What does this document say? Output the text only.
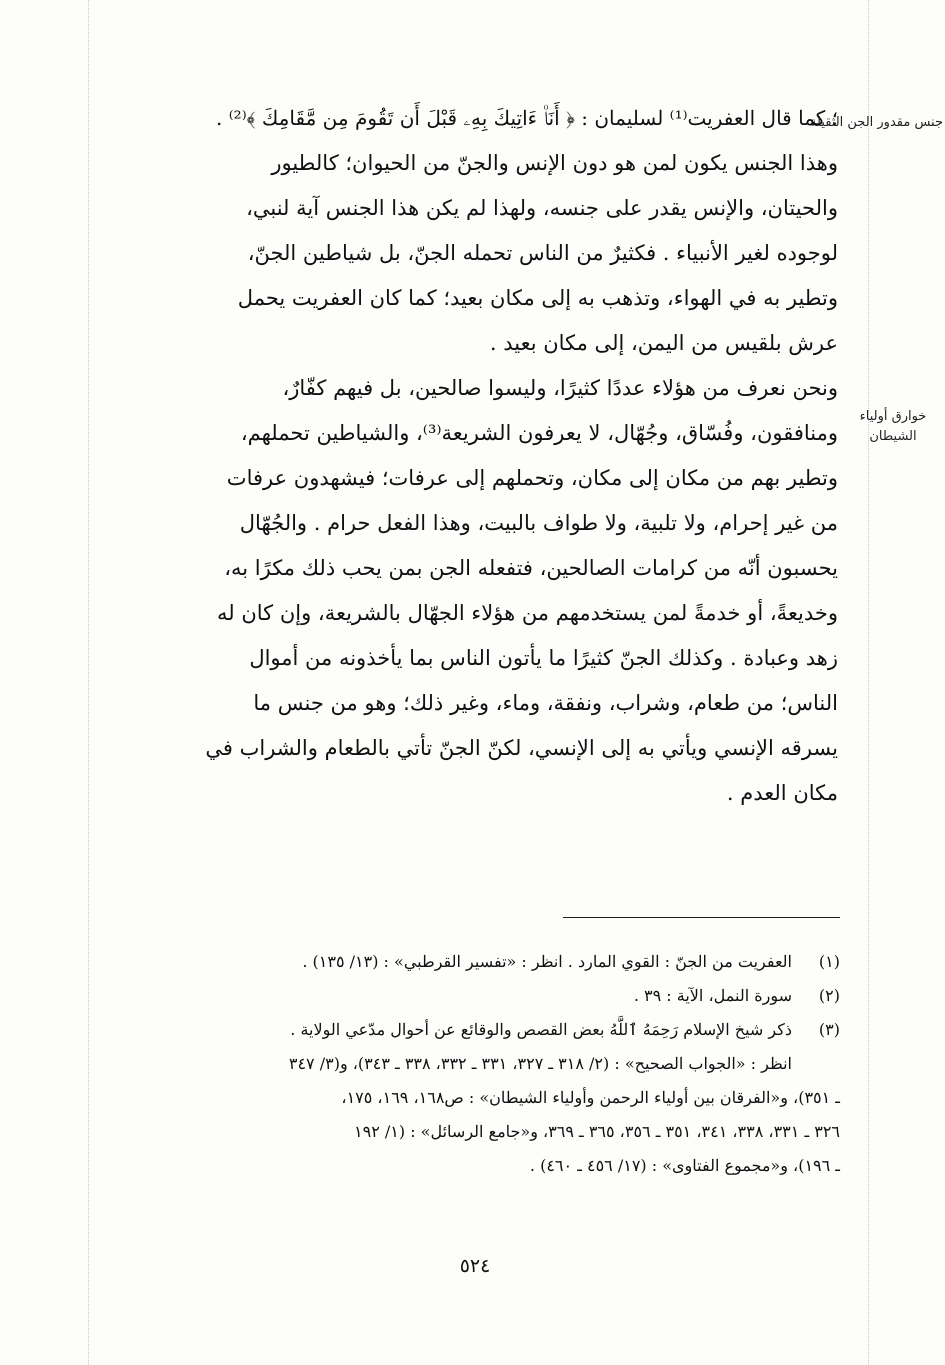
جنس مقدور الجن الثقيلة
خوارق أولياء
الشيطان
؛ كما قال العفريت⁽¹⁾ لسليمان : ﴿ أَنَا۠ ءَاتِيكَ بِهِۦ قَبْلَ أَن تَقُومَ مِن مَّقَامِكَ ﴾⁽²⁾ .
وهذا الجنس يكون لمن هو دون الإنس والجنّ من الحيوان؛ كالطيور
والحيتان، والإنس يقدر على جنسه، ولهذا لم يكن هذا الجنس آية لنبي،
لوجوده لغير الأنبياء . فكثيرٌ من الناس تحمله الجنّ، بل شياطين الجنّ،
وتطير به في الهواء، وتذهب به إلى مكان بعيد؛ كما كان العفريت يحمل
عرش بلقيس من اليمن، إلى مكان بعيد .
ونحن نعرف من هؤلاء عددًا كثيرًا، وليسوا صالحين، بل فيهم كفّارٌ،
ومنافقون، وفُسّاق، وجُهّال، لا يعرفون الشريعة⁽³⁾، والشياطين تحملهم،
وتطير بهم من مكان إلى مكان، وتحملهم إلى عرفات؛ فيشهدون عرفات
من غير إحرام، ولا تلبية، ولا طواف بالبيت، وهذا الفعل حرام . والجُهّال
يحسبون أنّه من كرامات الصالحين، فتفعله الجن بمن يحب ذلك مكرًا به،
وخديعةً، أو خدمةً لمن يستخدمهم من هؤلاء الجهّال بالشريعة، وإن كان له
زهد وعبادة . وكذلك الجنّ كثيرًا ما يأتون الناس بما يأخذونه من أموال
الناس؛ من طعام، وشراب، ونفقة، وماء، وغير ذلك؛ وهو من جنس ما
يسرقه الإنسي ويأتي به إلى الإنسي، لكنّ الجنّ تأتي بالطعام والشراب في
مكان العدم .
(١)
العفريت من الجنّ : القوي المارد . انظر : «تفسير القرطبي» : (١٣/ ١٣٥) .
(٢)
سورة النمل، الآية : ٣٩ .
(٣)
ذكر شيخ الإسلام رَحِمَهُ ٱللَّهُ بعض القصص والوقائع عن أحوال مدّعي الولاية .
انظر : «الجواب الصحيح» : (٢/ ٣١٨ ـ ٣٢٧، ٣٣١ ـ ٣٣٢، ٣٣٨ ـ ٣٤٣)، و(٣/ ٣٤٧
ـ ٣٥١)، و«الفرقان بين أولياء الرحمن وأولياء الشيطان» : ص١٦٨، ١٦٩، ١٧٥،
٣٢٦ ـ ٣٣١، ٣٣٨، ٣٤١، ٣٥١ ـ ٣٥٦، ٣٦٥ ـ ٣٦٩، و«جامع الرسائل» : (١/ ١٩٢
ـ ١٩٦)، و«مجموع الفتاوى» : (١٧/ ٤٥٦ ـ ٤٦٠) .
٥٢٤
